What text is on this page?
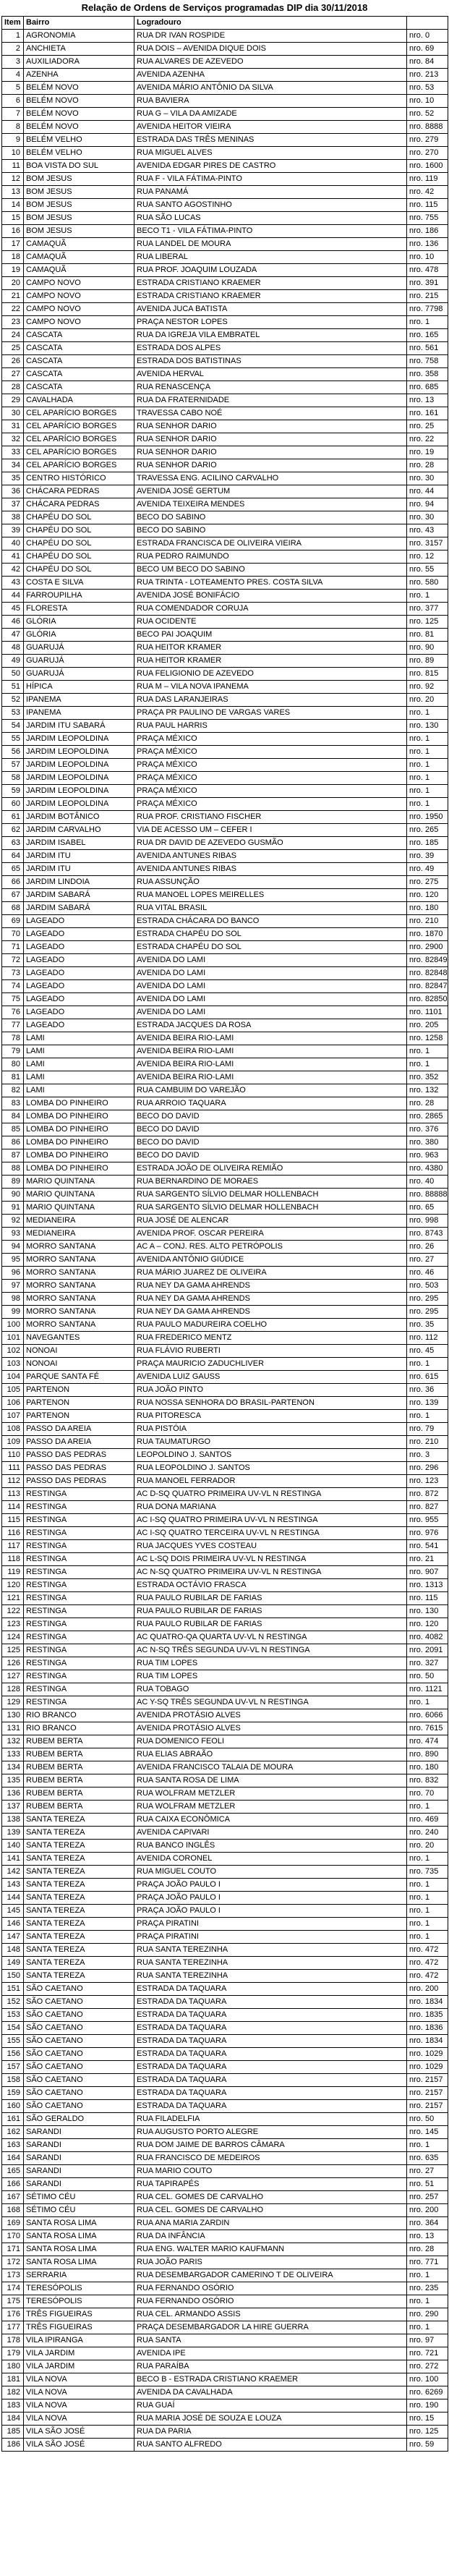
Relação de Ordens de Serviços programadas DIP dia 30/11/2018
Item	Bairro	Logradouro	
1	AGRONOMIA	RUA DR IVAN ROSPIDE	nro. 0
2	ANCHIETA	RUA DOIS – AVENIDA DIQUE DOIS	nro. 69
3	AUXILIADORA	RUA ALVARES DE AZEVEDO	nro. 84
4	AZENHA	AVENIDA AZENHA	nro. 213
5	BELÉM NOVO	AVENIDA MÁRIO ANTÔNIO DA SILVA	nro. 53
6	BELÉM NOVO	RUA BAVIERA	nro. 10
7	BELÉM NOVO	RUA G – VILA DA AMIZADE	nro. 52
8	BELÉM NOVO	AVENIDA HEITOR VIEIRA	nro. 8888
9	BELÉM VELHO	ESTRADA DAS TRÊS MENINAS	nro. 279
10	BELÉM VELHO	RUA MIGUEL ALVES	nro. 270
11	BOA VISTA DO SUL	AVENIDA EDGAR PIRES DE CASTRO	nro. 1600
12	BOM JESUS	RUA F - VILA FÁTIMA-PINTO	nro. 119
13	BOM JESUS	RUA PANAMÁ	nro. 42
14	BOM JESUS	RUA SANTO AGOSTINHO	nro. 115
15	BOM JESUS	RUA SÃO LUCAS	nro. 755
16	BOM JESUS	BECO T1 - VILA FÁTIMA-PINTO	nro. 186
17	CAMAQUÃ	RUA LANDEL DE MOURA	nro. 136
18	CAMAQUÃ	RUA LIBERAL	nro. 10
19	CAMAQUÃ	RUA PROF. JOAQUIM LOUZADA	nro. 478
20	CAMPO NOVO	ESTRADA CRISTIANO KRAEMER	nro. 391
21	CAMPO NOVO	ESTRADA CRISTIANO KRAEMER	nro. 215
22	CAMPO NOVO	AVENIDA JUCA BATISTA	nro. 7798
23	CAMPO NOVO	PRAÇA NESTOR LOPES	nro. 1
24	CASCATA	RUA DA IGREJA VILA EMBRATEL	nro. 165
25	CASCATA	ESTRADA DOS ALPES	nro. 561
26	CASCATA	ESTRADA DOS BATISTINAS	nro. 758
27	CASCATA	AVENIDA HERVAL	nro. 358
28	CASCATA	RUA RENASCENÇA	nro. 685
29	CAVALHADA	RUA DA FRATERNIDADE	nro. 13
30	CEL APARÍCIO BORGES	TRAVESSA CABO NOÉ	nro. 161
31	CEL APARÍCIO BORGES	RUA SENHOR DARIO	nro. 25
32	CEL APARÍCIO BORGES	RUA SENHOR DARIO	nro. 22
33	CEL APARÍCIO BORGES	RUA SENHOR DARIO	nro. 19
34	CEL APARÍCIO BORGES	RUA SENHOR DARIO	nro. 28
35	CENTRO HISTÓRICO	TRAVESSA ENG. ACILINO CARVALHO	nro. 30
36	CHÁCARA PEDRAS	AVENIDA JOSÉ GERTUM	nro. 44
37	CHÁCARA PEDRAS	AVENIDA TEIXEIRA MENDES	nro. 94
38	CHAPÉU DO SOL	BECO DO SABINO	nro. 30
39	CHAPÉU DO SOL	BECO DO SABINO	nro. 43
40	CHAPÉU DO SOL	ESTRADA FRANCISCA DE OLIVEIRA VIEIRA	nro. 3157
41	CHAPÉU DO SOL	RUA PEDRO RAIMUNDO	nro. 12
42	CHAPÉU DO SOL	BECO UM BECO DO SABINO	nro. 55
43	COSTA E SILVA	RUA TRINTA - LOTEAMENTO PRES. COSTA SILVA	nro. 580
44	FARROUPILHA	AVENIDA JOSÉ BONIFÁCIO	nro. 1
45	FLORESTA	RUA COMENDADOR CORUJA	nro. 377
46	GLÓRIA	RUA OCIDENTE	nro. 125
47	GLÓRIA	BECO PAI JOAQUIM	nro. 81
48	GUARUJÁ	RUA HEITOR KRAMER	nro. 90
49	GUARUJÁ	RUA HEITOR KRAMER	nro. 89
50	GUARUJÁ	RUA FELIGIONIO DE AZEVEDO	nro. 815
51	HÍPICA	RUA M – VILA NOVA IPANEMA	nro. 92
52	IPANEMA	RUA DAS LARANJEIRAS	nro. 20
53	IPANEMA	PRAÇA PR PAULINO DE VARGAS VARES	nro. 1
54	JARDIM ITU SABARÁ	RUA PAUL HARRIS	nro. 130
55	JARDIM LEOPOLDINA	PRAÇA MÉXICO	nro. 1
56	JARDIM LEOPOLDINA	PRAÇA MÉXICO	nro. 1
57	JARDIM LEOPOLDINA	PRAÇA MÉXICO	nro. 1
58	JARDIM LEOPOLDINA	PRAÇA MÉXICO	nro. 1
59	JARDIM LEOPOLDINA	PRAÇA MÉXICO	nro. 1
60	JARDIM LEOPOLDINA	PRAÇA MÉXICO	nro. 1
61	JARDIM BOTÂNICO	RUA PROF. CRISTIANO FISCHER	nro. 1950
62	JARDIM CARVALHO	VIA DE ACESSO UM – CEFER I	nro. 265
63	JARDIM ISABEL	RUA DR DAVID DE AZEVEDO GUSMÃO	nro. 185
64	JARDIM ITU	AVENIDA ANTUNES RIBAS	nro. 39
65	JARDIM ITU	AVENIDA ANTUNES RIBAS	nro. 49
66	JARDIM LINDOIA	RUA ASSUNÇÃO	nro. 275
67	JARDIM SABARÁ	RUA MANOEL LOPES MEIRELLES	nro. 120
68	JARDIM SABARÁ	RUA VITAL BRASIL	nro. 180
69	LAGEADO	ESTRADA CHÁCARA DO BANCO	nro. 210
70	LAGEADO	ESTRADA CHAPÉU DO SOL	nro. 1870
71	LAGEADO	ESTRADA CHAPÉU DO SOL	nro. 2900
72	LAGEADO	AVENIDA DO LAMI	nro. 82849
73	LAGEADO	AVENIDA DO LAMI	nro. 82848
74	LAGEADO	AVENIDA DO LAMI	nro. 82847
75	LAGEADO	AVENIDA DO LAMI	nro. 82850
76	LAGEADO	AVENIDA DO LAMI	nro. 1101
77	LAGEADO	ESTRADA JACQUES DA ROSA	nro. 205
78	LAMI	AVENIDA BEIRA RIO-LAMI	nro. 1258
79	LAMI	AVENIDA BEIRA RIO-LAMI	nro. 1
80	LAMI	AVENIDA BEIRA RIO-LAMI	nro. 1
81	LAMI	AVENIDA BEIRA RIO-LAMI	nro. 352
82	LAMI	RUA CAMBUIM DO VAREJÃO	nro. 132
83	LOMBA DO PINHEIRO	RUA ARROIO TAQUARA	nro. 28
84	LOMBA DO PINHEIRO	BECO DO DAVID	nro. 2865
85	LOMBA DO PINHEIRO	BECO DO DAVID	nro. 376
86	LOMBA DO PINHEIRO	BECO DO DAVID	nro. 380
87	LOMBA DO PINHEIRO	BECO DO DAVID	nro. 963
88	LOMBA DO PINHEIRO	ESTRADA JOÃO DE OLIVEIRA REMIÃO	nro. 4380
89	MARIO QUINTANA	RUA BERNARDINO DE MORAES	nro. 40
90	MARIO QUINTANA	RUA SARGENTO SÍLVIO DELMAR HOLLENBACH	nro. 88888
91	MARIO QUINTANA	RUA SARGENTO SÍLVIO DELMAR HOLLENBACH	nro. 65
92	MEDIANEIRA	RUA JOSÉ DE ALENCAR	nro. 998
93	MEDIANEIRA	AVENIDA PROF. OSCAR PEREIRA	nro. 8743
94	MORRO SANTANA	AC A – CONJ. RES. ALTO PETRÓPOLIS	nro. 26
95	MORRO SANTANA	AVENIDA ANTÔNIO GIÚDICE	nro. 27
96	MORRO SANTANA	RUA MÁRIO JUAREZ DE OLIVEIRA	nro. 46
97	MORRO SANTANA	RUA NEY DA GAMA AHRENDS	nro. 503
98	MORRO SANTANA	RUA NEY DA GAMA AHRENDS	nro. 295
99	MORRO SANTANA	RUA NEY DA GAMA AHRENDS	nro. 295
100	MORRO SANTANA	RUA PAULO MADUREIRA COELHO	nro. 35
101	NAVEGANTES	RUA FREDERICO MENTZ	nro. 112
102	NONOAI	RUA FLÁVIO RUBERTI	nro. 45
103	NONOAI	PRAÇA MAURICIO ZADUCHLIVER	nro. 1
104	PARQUE SANTA FÉ	AVENIDA LUIZ GAUSS	nro. 615
105	PARTENON	RUA JOÃO PINTO	nro. 36
106	PARTENON	RUA NOSSA SENHORA DO BRASIL-PARTENON	nro. 139
107	PARTENON	RUA PITORESCA	nro. 1
108	PASSO DA AREIA	RUA PISTÓIA	nro. 79
109	PASSO DA AREIA	RUA TAUMATURGO	nro. 210
110	PASSO DAS PEDRAS	LEOPOLDINO J. SANTOS	nro. 3
111	PASSO DAS PEDRAS	RUA LEOPOLDINO J. SANTOS	nro. 296
112	PASSO DAS PEDRAS	RUA MANOEL FERRADOR	nro. 123
113	RESTINGA	AC D-SQ QUATRO PRIMEIRA UV-VL N RESTINGA	nro. 872
114	RESTINGA	RUA DONA MARIANA	nro. 827
115	RESTINGA	AC I-SQ QUATRO PRIMEIRA UV-VL N RESTINGA	nro. 955
116	RESTINGA	AC I-SQ QUATRO TERCEIRA UV-VL N RESTINGA	nro. 976
117	RESTINGA	RUA JACQUES YVES COSTEAU	nro. 541
118	RESTINGA	AC L-SQ DOIS PRIMEIRA UV-VL N RESTINGA	nro. 21
119	RESTINGA	AC N-SQ QUATRO PRIMEIRA UV-VL N RESTINGA	nro. 907
120	RESTINGA	ESTRADA OCTÁVIO FRASCA	nro. 1313
121	RESTINGA	RUA PAULO RUBILAR DE FARIAS	nro. 115
122	RESTINGA	RUA PAULO RUBILAR DE FARIAS	nro. 130
123	RESTINGA	RUA PAULO RUBILAR DE FARIAS	nro. 120
124	RESTINGA	AC QUATRO-QA QUARTA UV-VL N RESTINGA	nro. 4082
125	RESTINGA	AC N-SQ TRÊS SEGUNDA UV-VL N RESTINGA	nro. 2091
126	RESTINGA	RUA TIM LOPES	nro. 327
127	RESTINGA	RUA TIM LOPES	nro. 50
128	RESTINGA	RUA TOBAGO	nro. 1121
129	RESTINGA	AC Y-SQ TRÊS SEGUNDA UV-VL N RESTINGA	nro. 1
130	RIO BRANCO	AVENIDA PROTÁSIO ALVES	nro. 6066
131	RIO BRANCO	AVENIDA PROTÁSIO ALVES	nro. 7615
132	RUBEM BERTA	RUA DOMENICO FEOLI	nro. 474
133	RUBEM BERTA	RUA ELIAS ABRAÃO	nro. 890
134	RUBEM BERTA	AVENIDA FRANCISCO TALAIA DE MOURA	nro. 180
135	RUBEM BERTA	RUA SANTA ROSA DE LIMA	nro. 832
136	RUBEM BERTA	RUA WOLFRAM METZLER	nro. 70
137	RUBEM BERTA	RUA WOLFRAM METZLER	nro. 1
138	SANTA TEREZA	RUA CAIXA ECONÔMICA	nro. 469
139	SANTA TEREZA	AVENIDA CAPIVARI	nro. 240
140	SANTA TEREZA	RUA BANCO INGLÊS	nro. 20
141	SANTA TEREZA	AVENIDA CORONEL	nro. 1
142	SANTA TEREZA	RUA MIGUEL COUTO	nro. 735
143	SANTA TEREZA	PRAÇA JOÃO PAULO I	nro. 1
144	SANTA TEREZA	PRAÇA JOÃO PAULO I	nro. 1
145	SANTA TEREZA	PRAÇA JOÃO PAULO I	nro. 1
146	SANTA TEREZA	PRAÇA PIRATINI	nro. 1
147	SANTA TEREZA	PRAÇA PIRATINI	nro. 1
148	SANTA TEREZA	RUA SANTA TEREZINHA	nro. 472
149	SANTA TEREZA	RUA SANTA TEREZINHA	nro. 472
150	SANTA TEREZA	RUA SANTA TEREZINHA	nro. 472
151	SÃO CAETANO	ESTRADA DA TAQUARA	nro. 200
152	SÃO CAETANO	ESTRADA DA TAQUARA	nro. 1834
153	SÃO CAETANO	ESTRADA DA TAQUARA	nro. 1835
154	SÃO CAETANO	ESTRADA DA TAQUARA	nro. 1836
155	SÃO CAETANO	ESTRADA DA TAQUARA	nro. 1834
156	SÃO CAETANO	ESTRADA DA TAQUARA	nro. 1029
157	SÃO CAETANO	ESTRADA DA TAQUARA	nro. 1029
158	SÃO CAETANO	ESTRADA DA TAQUARA	nro. 2157
159	SÃO CAETANO	ESTRADA DA TAQUARA	nro. 2157
160	SÃO CAETANO	ESTRADA DA TAQUARA	nro. 2157
161	SÃO GERALDO	RUA FILADELFIA	nro. 50
162	SARANDI	RUA AUGUSTO PORTO ALEGRE	nro. 145
163	SARANDI	RUA DOM JAIME DE BARROS CÂMARA	nro. 1
164	SARANDI	RUA FRANCISCO DE MEDEIROS	nro. 635
165	SARANDI	RUA MARIO COUTO	nro. 27
166	SARANDI	RUA TAPIRAPÉS	nro. 51
167	SÉTIMO CÉU	RUA CEL. GOMES DE CARVALHO	nro. 257
168	SÉTIMO CÉU	RUA CEL. GOMES DE CARVALHO	nro. 200
169	SANTA ROSA LIMA	RUA ANA MARIA ZARDIN	nro. 364
170	SANTA ROSA LIMA	RUA DA INFÂNCIA	nro. 13
171	SANTA ROSA LIMA	RUA ENG. WALTER MARIO KAUFMANN	nro. 28
172	SANTA ROSA LIMA	RUA JOÃO PARIS	nro. 771
173	SERRARIA	RUA DESEMBARGADOR CAMERINO T DE OLIVEIRA	nro. 1
174	TERESÓPOLIS	RUA FERNANDO OSÓRIO	nro. 235
175	TERESÓPOLIS	RUA FERNANDO OSÓRIO	nro. 1
176	TRÊS FIGUEIRAS	RUA CEL. ARMANDO ASSIS	nro. 290
177	TRÊS FIGUEIRAS	PRAÇA DESEMBARGADOR LA HIRE GUERRA	nro. 1
178	VILA IPIRANGA	RUA SANTA	nro. 97
179	VILA JARDIM	AVENIDA IPE	nro. 721
180	VILA JARDIM	RUA PARAÍBA	nro. 272
181	VILA NOVA	BECO B - ESTRADA CRISTIANO KRAEMER	nro. 100
182	VILA NOVA	AVENIDA DA CAVALHADA	nro. 6269
183	VILA NOVA	RUA GUAÍ	nro. 190
184	VILA NOVA	RUA MARIA JOSÉ DE SOUZA E LOUZA	nro. 15
185	VILA SÃO JOSÉ	RUA DA PARIA	nro. 125
186	VILA SÃO JOSÉ	RUA SANTO ALFREDO	nro. 59
